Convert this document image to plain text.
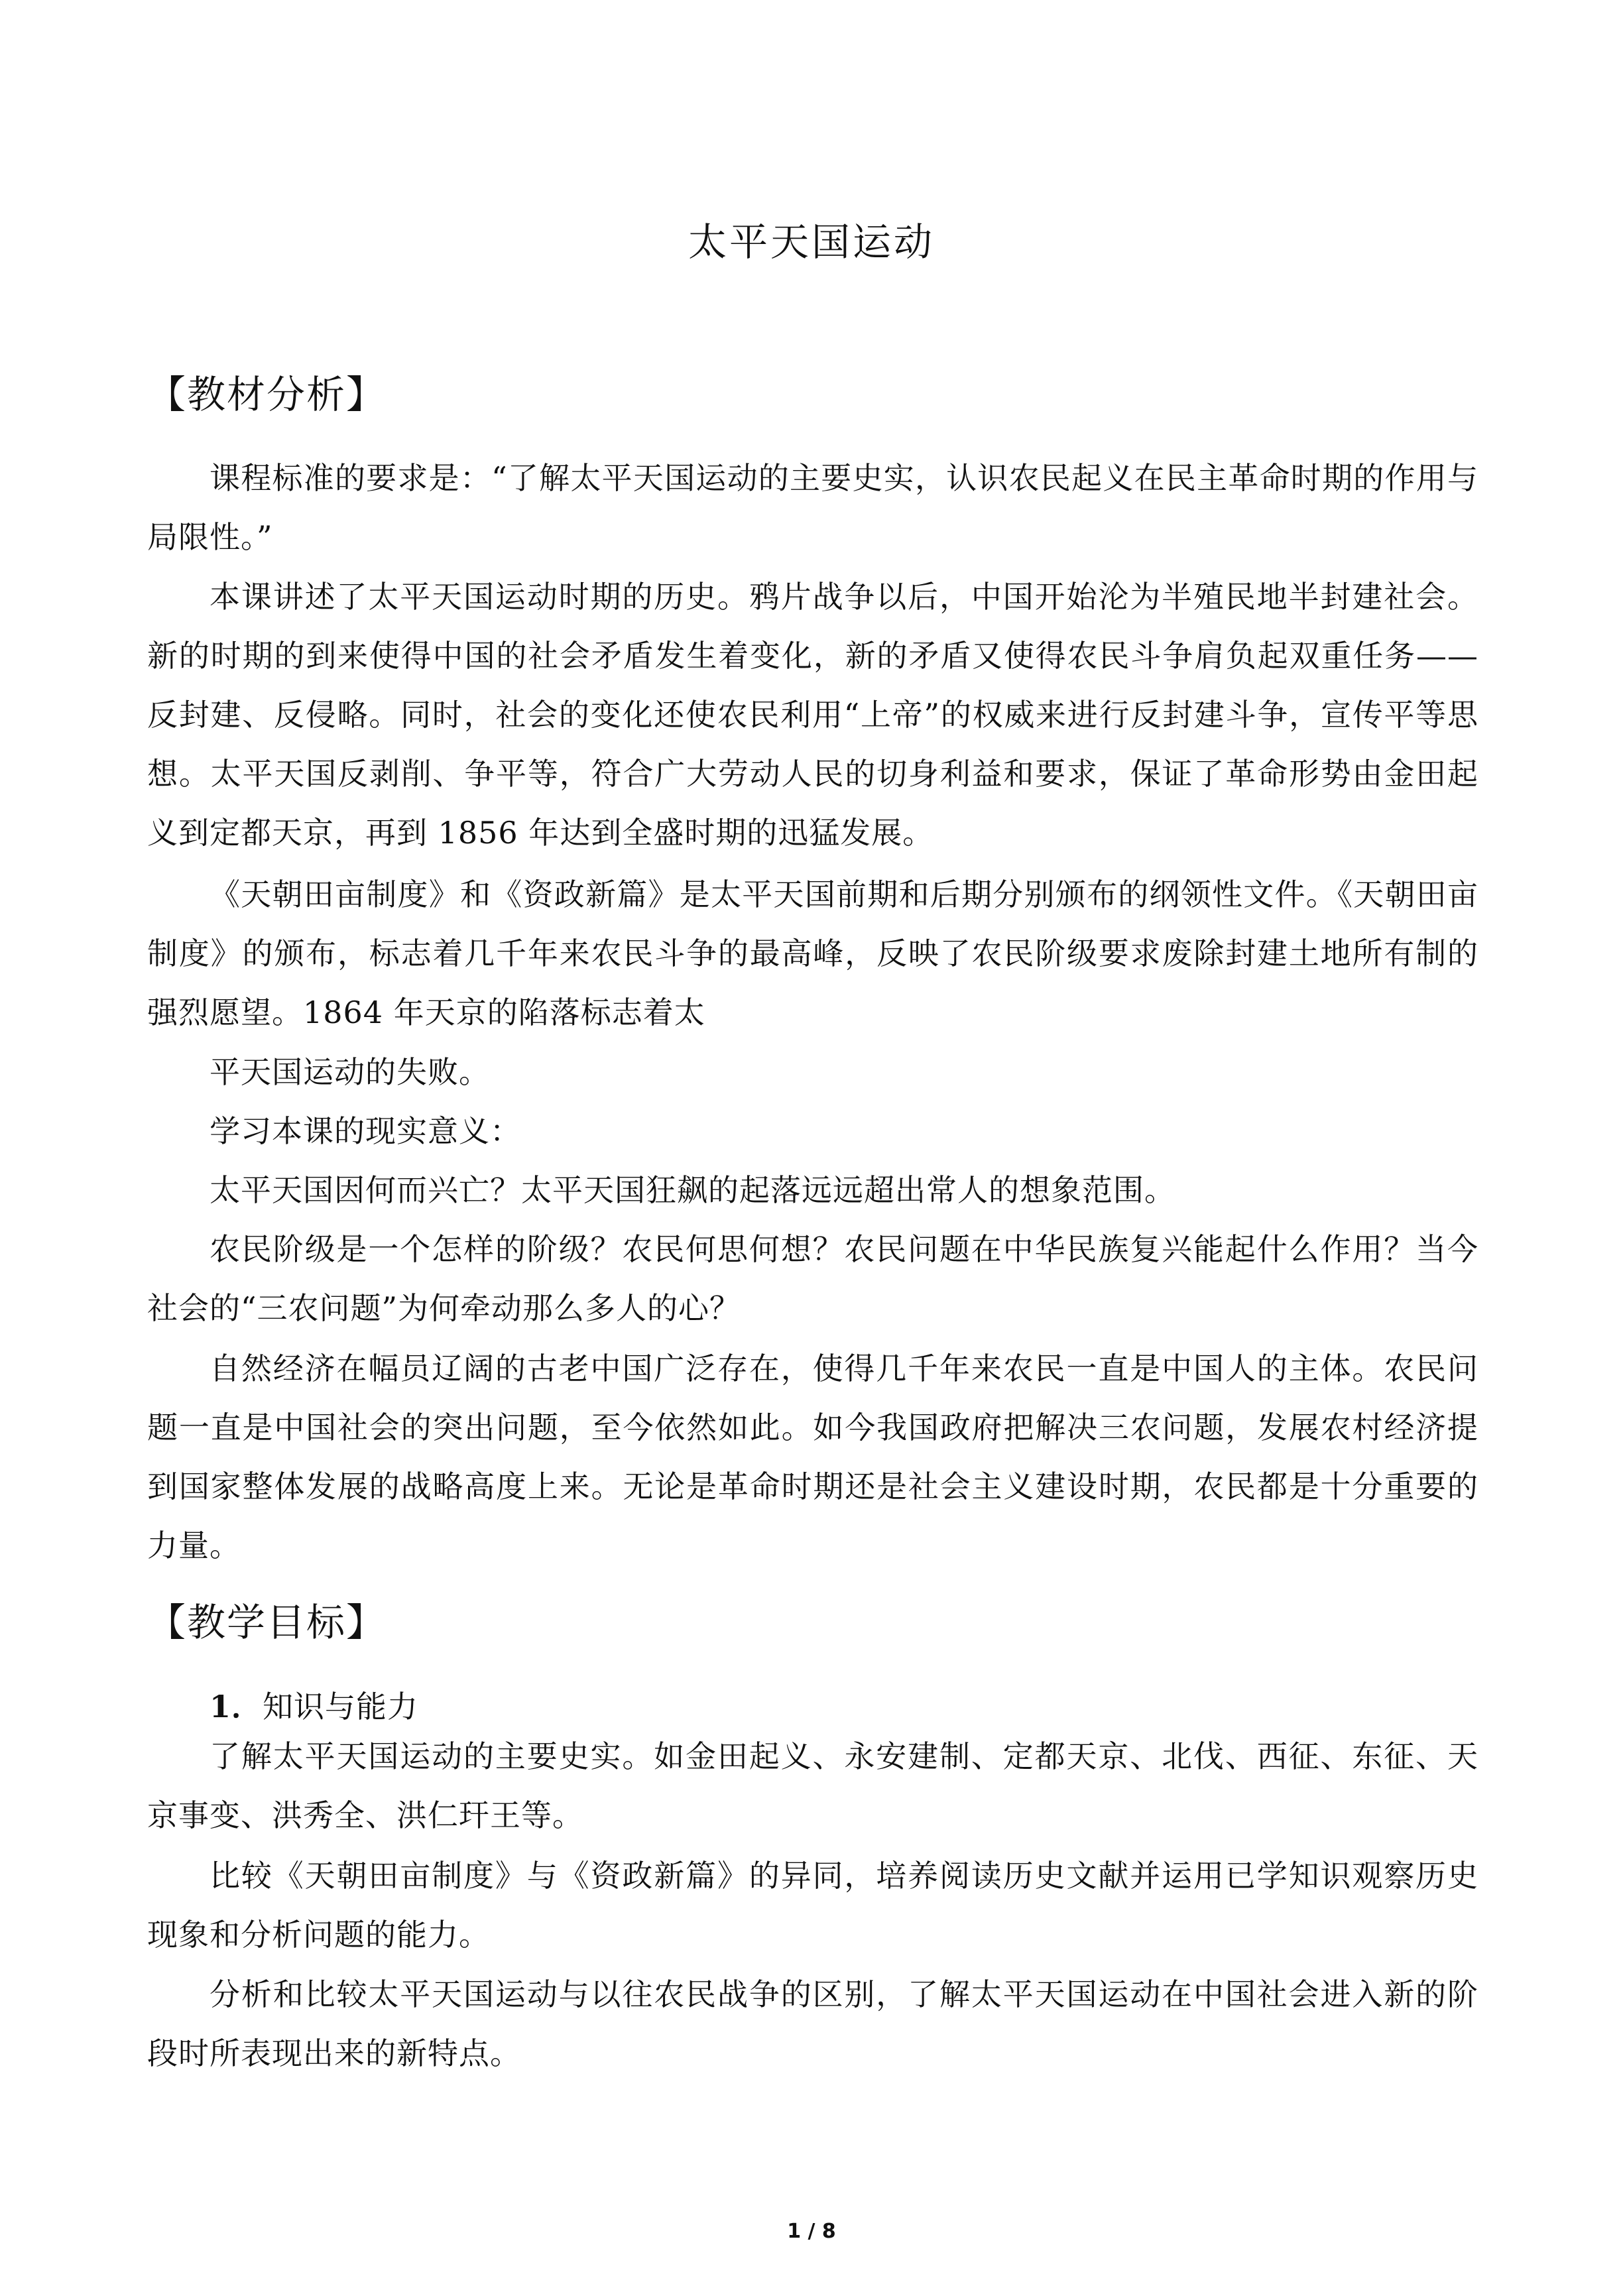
太平天国运动
【教材分析】

课程标准的要求是：“了解太平天国运动的主要史实，认识农民起义在民主革命时期的作用与局限性。”

本课讲述了太平天国运动时期的历史。鸦片战争以后，中国开始沦为半殖民地半封建社会。新的时期的到来使得中国的社会矛盾发生着变化，新的矛盾又使得农民斗争肩负起双重任务——反封建、反侵略。同时，社会的变化还使农民利用“上帝”的权威来进行反封建斗争，宣传平等思想。太平天国反剥削、争平等，符合广大劳动人民的切身利益和要求，保证了革命形势由金田起义到定都天京，再到 1856 年达到全盛时期的迅猛发展。

《天朝田亩制度》和《资政新篇》是太平天国前期和后期分别颁布的纲领性文件。《天朝田亩制度》的颁布，标志着几千年来农民斗争的最高峰，反映了农民阶级要求废除封建土地所有制的强烈愿望。1864 年天京的陷落标志着太

平天国运动的失败。

学习本课的现实意义：

太平天国因何而兴亡？太平天国狂飙的起落远远超出常人的想象范围。

农民阶级是一个怎样的阶级？农民何思何想？农民问题在中华民族复兴能起什么作用？当今社会的“三农问题”为何牵动那么多人的心？

自然经济在幅员辽阔的古老中国广泛存在，使得几千年来农民一直是中国人的主体。农民问题一直是中国社会的突出问题，至今依然如此。如今我国政府把解决三农问题，发展农村经济提到国家整体发展的战略高度上来。无论是革命时期还是社会主义建设时期，农民都是十分重要的力量。

【教学目标】

1．知识与能力

了解太平天国运动的主要史实。如金田起义、永安建制、定都天京、北伐、西征、东征、天京事变、洪秀全、洪仁玕王等。

比较《天朝田亩制度》与《资政新篇》的异同，培养阅读历史文献并运用已学知识观察历史现象和分析问题的能力。

分析和比较太平天国运动与以往农民战争的区别，了解太平天国运动在中国社会进入新的阶段时所表现出来的新特点。

1 / 8
